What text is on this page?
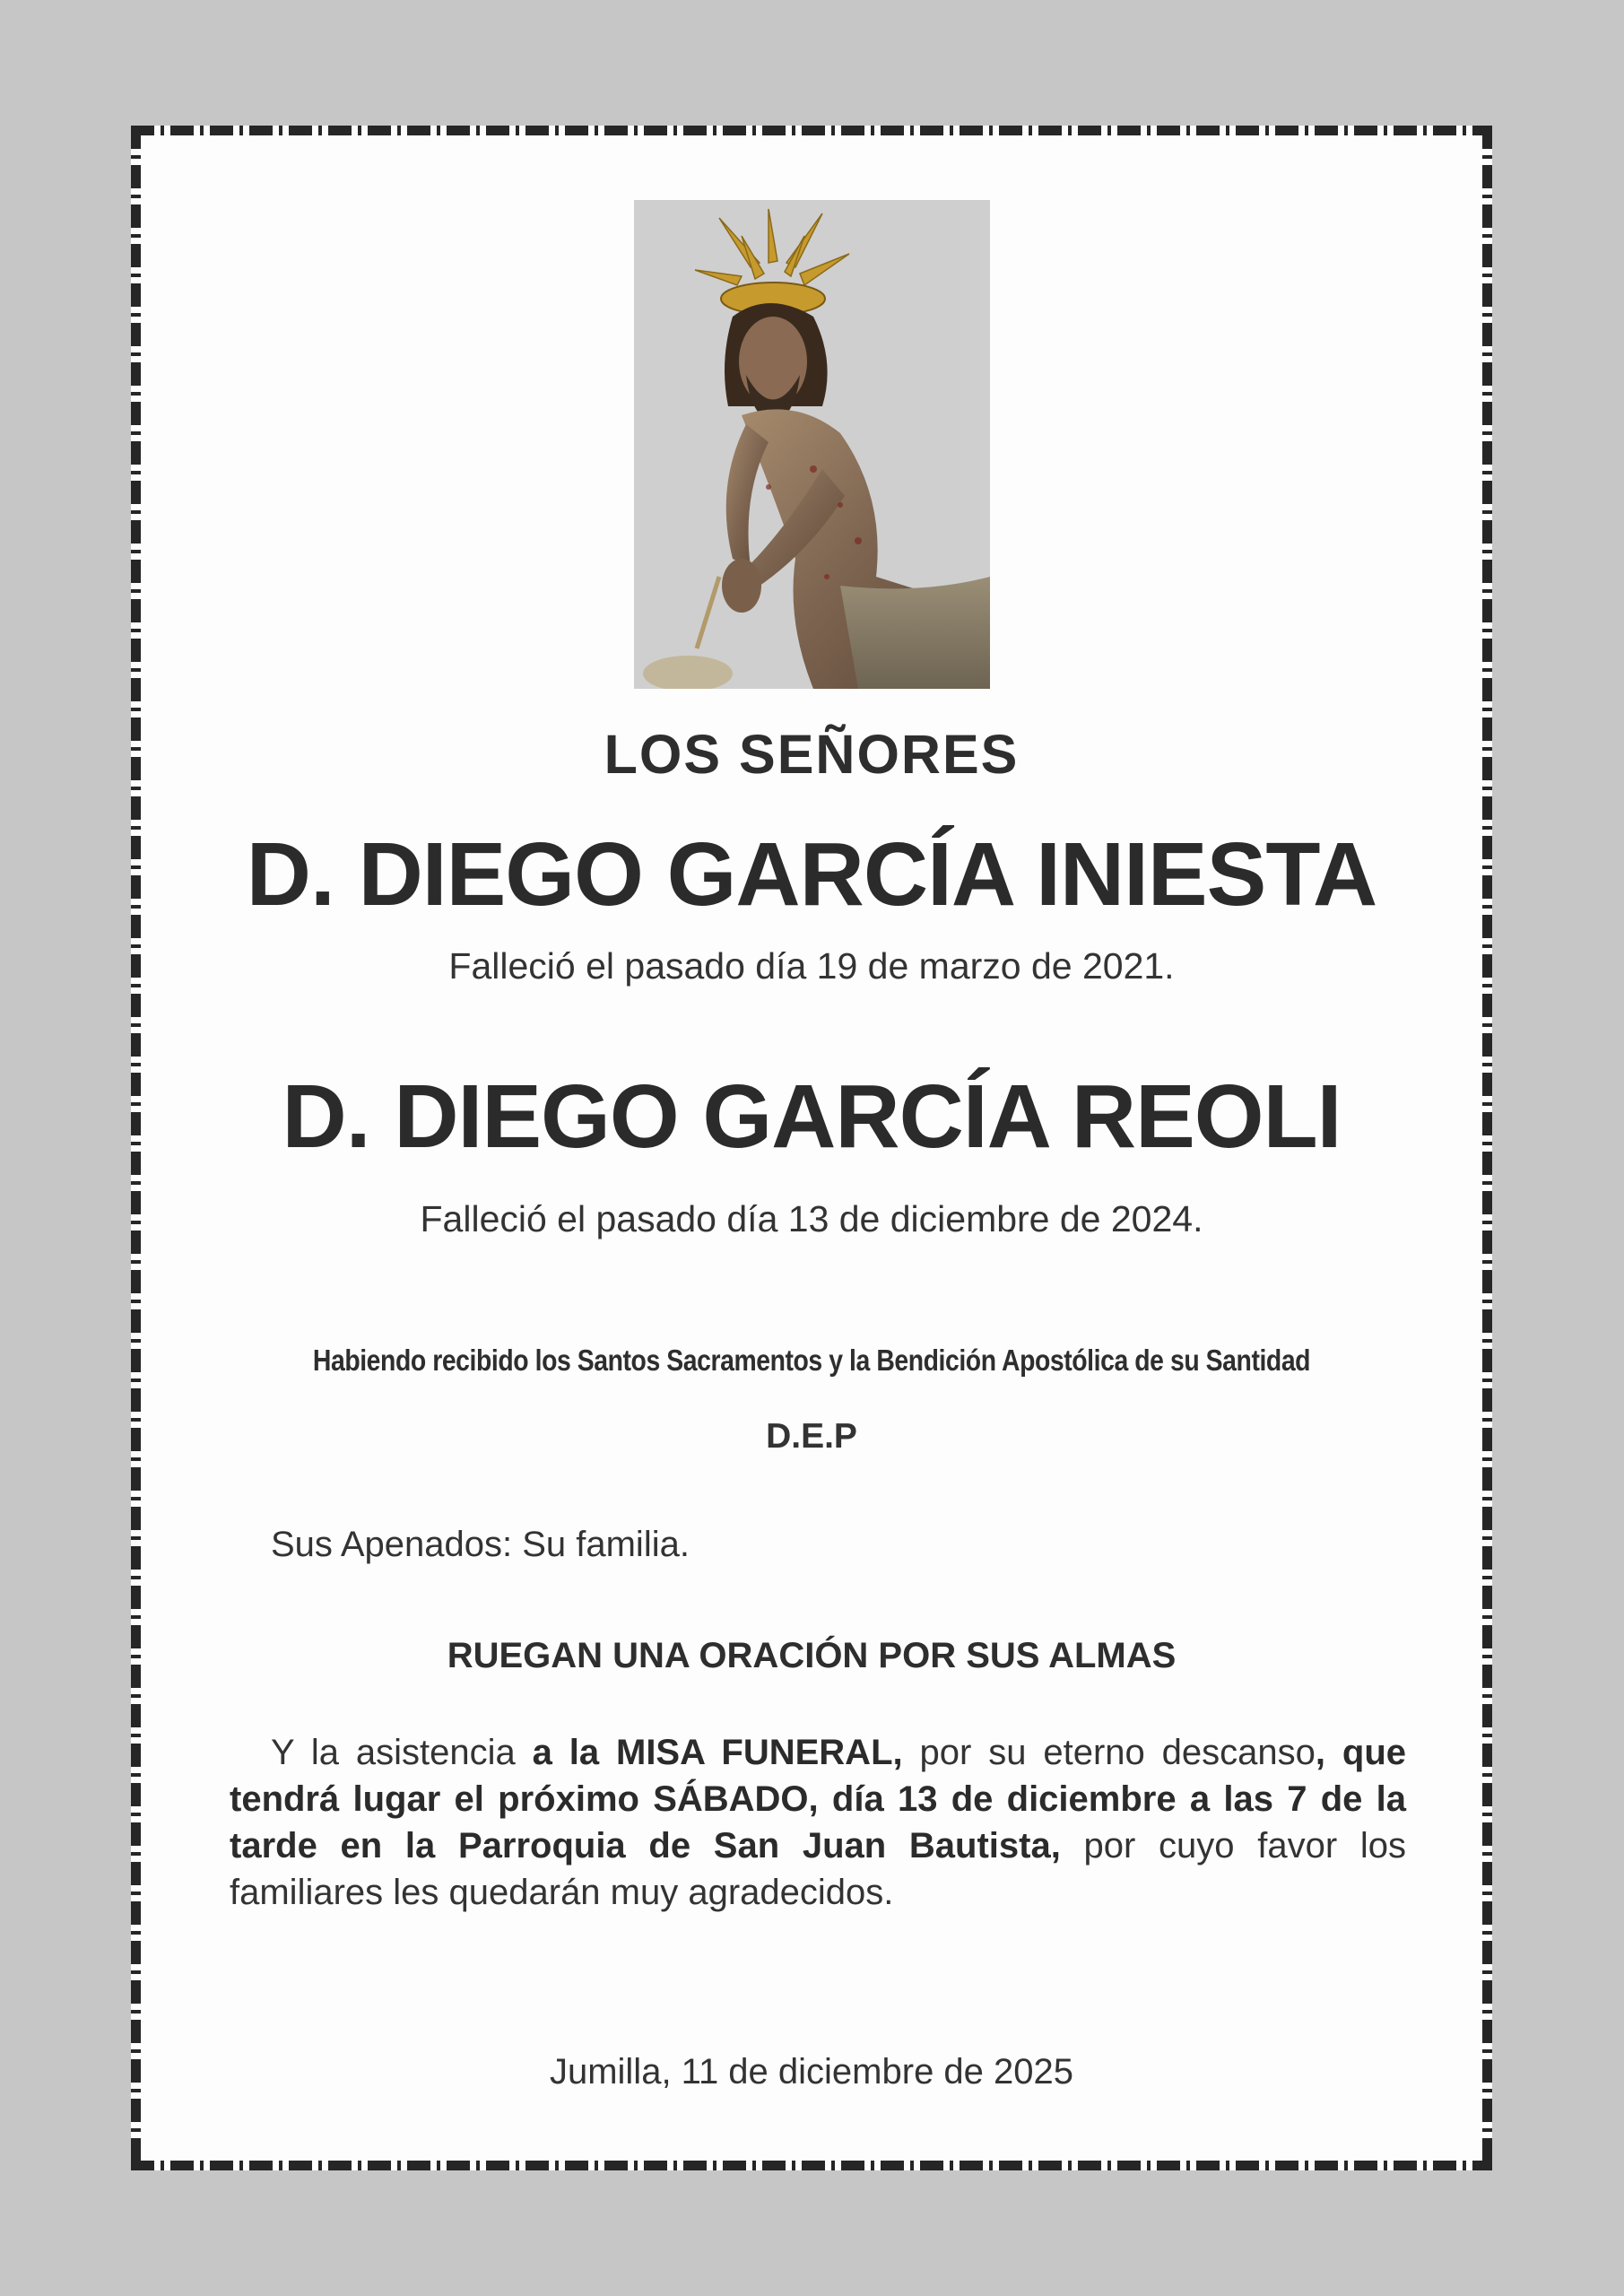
LOS SEÑORES

D. DIEGO GARCÍA INIESTA

Falleció el pasado día 19 de marzo de 2021.

D. DIEGO GARCÍA REOLI

Falleció el pasado día 13 de diciembre de 2024.

Habiendo recibido los Santos Sacramentos y la Bendición Apostólica de su Santidad

D.E.P

Sus Apenados: Su familia.

RUEGAN UNA ORACIÓN POR SUS ALMAS

Y la asistencia a la MISA FUNERAL, por su eterno descanso, que tendrá lugar el próximo SÁBADO, día 13 de diciembre a las 7 de la tarde en la Parroquia de San Juan Bautista, por cuyo favor los familiares les quedarán muy agradecidos.

Jumilla, 11 de diciembre de 2025
